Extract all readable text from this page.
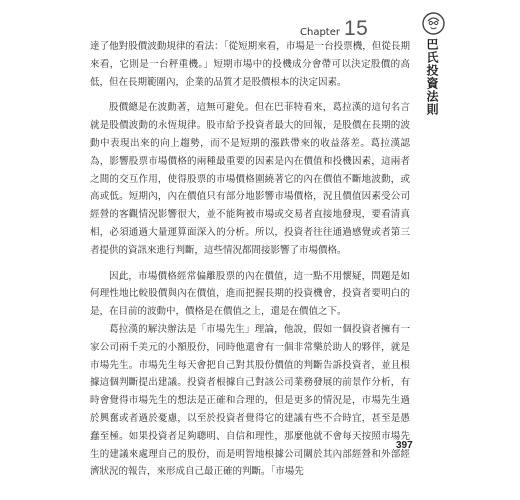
Chapter 15
巴氏投資法則

達了他對股價波動規律的看法：「從短期來看，市場是一台投票機，但從長期來看，它則是一台秤重機。」短期市場中的投機成分會帶可以決定股價的高低，但在長期範圍內，企業的品質才是股價根本的決定因素。

股價總是在波動著，這無可避免。但在巴菲特看來，葛拉漢的這句名言就是股價波動的永恆規律。股市給予投資者最大的回報，是股價在長期的波動中表現出來的向上趨勢，而不是短期的漲跌帶來的收益落差。葛拉漢認為，影響股票市場價格的兩種最重要的因素是內在價值和投機因素，這兩者之間的交互作用，使得股票的市場價格圍繞著它的內在價值不斷地波動，或高或低。短期內，內在價值只有部分地影響市場價格，況且價值因素受公司經營的客觀情況影響很大，並不能夠被市場或交易者直接地發現，要看清真相，必須通過大量運算面深入的分析。所以，投資者往往通過感覺或者第三者提供的資訊來進行判斷，這些情況都間接影響了市場價格。

因此，市場價格經常偏離股票的內在價值，這一點不用懷疑，問題是如何理性地比較股價與內在價值，進而把握長期的投資機會，投資者要明白的是，在目前的波動中，價格是在價值之上，還是在價值之下。

葛拉漢的解決辦法是「市場先生」理論，他說，假如一個投資者擁有一家公司兩千美元的小額股份，同時他還會有一個非常樂於助人的夥伴，就是市場先生。市場先生每天會把自己對其股份價值的判斷告訴投資者，並且根據這個判斷提出建議。投資者根據自己對該公司業務發展的前景作分析，有時會覺得市場先生的想法是正確和合理的，但是更多的情況是，市場先生過於興奮或者過於憂慮，以至於投資者覺得它的建議有些不合時宜，甚至是愚蠢至極。如果投資者足夠聰明、自信和理性，那麼他就不會每天按照市場先生的建議來處理自己的股份，而是明智地根據公司關於其內部經營和外部經濟狀況的報告，來形成自己最正確的判斷。「市場先

397
